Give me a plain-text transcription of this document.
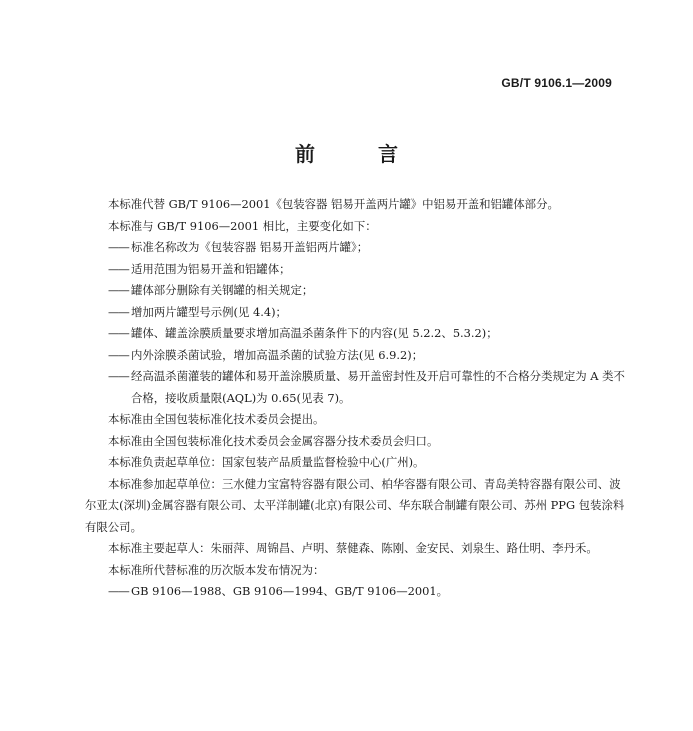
GB/T 9106.1—2009
前 言

本标准代替 GB/T 9106—2001《包装容器 铝易开盖两片罐》中铝易开盖和铝罐体部分。

本标准与 GB/T 9106—2001 相比，主要变化如下：

—— 标准名称改为《包装容器 铝易开盖铝两片罐》；

—— 适用范围为铝易开盖和铝罐体；

—— 罐体部分删除有关钢罐的相关规定；

—— 增加两片罐型号示例(见 4.4)；

—— 罐体、罐盖涂膜质量要求增加高温杀菌条件下的内容(见 5.2.2、5.3.2)；

—— 内外涂膜杀菌试验，增加高温杀菌的试验方法(见 6.9.2)；

—— 经高温杀菌灌装的罐体和易开盖涂膜质量、易开盖密封性及开启可靠性的不合格分类规定为 A 类不合格，接收质量限(AQL)为 0.65(见表 7)。

本标准由全国包装标准化技术委员会提出。

本标准由全国包装标准化技术委员会金属容器分技术委员会归口。

本标准负责起草单位：国家包装产品质量监督检验中心(广州)。

本标准参加起草单位：三水健力宝富特容器有限公司、柏华容器有限公司、青岛美特容器有限公司、波尔亚太(深圳)金属容器有限公司、太平洋制罐(北京)有限公司、华东联合制罐有限公司、苏州 PPG 包装涂料有限公司。

本标准主要起草人：朱丽萍、周锦昌、卢明、蔡健森、陈刚、金安民、刘泉生、路仕明、李丹禾。

本标准所代替标准的历次版本发布情况为：

—— GB 9106—1988、GB 9106—1994、GB/T 9106—2001。
